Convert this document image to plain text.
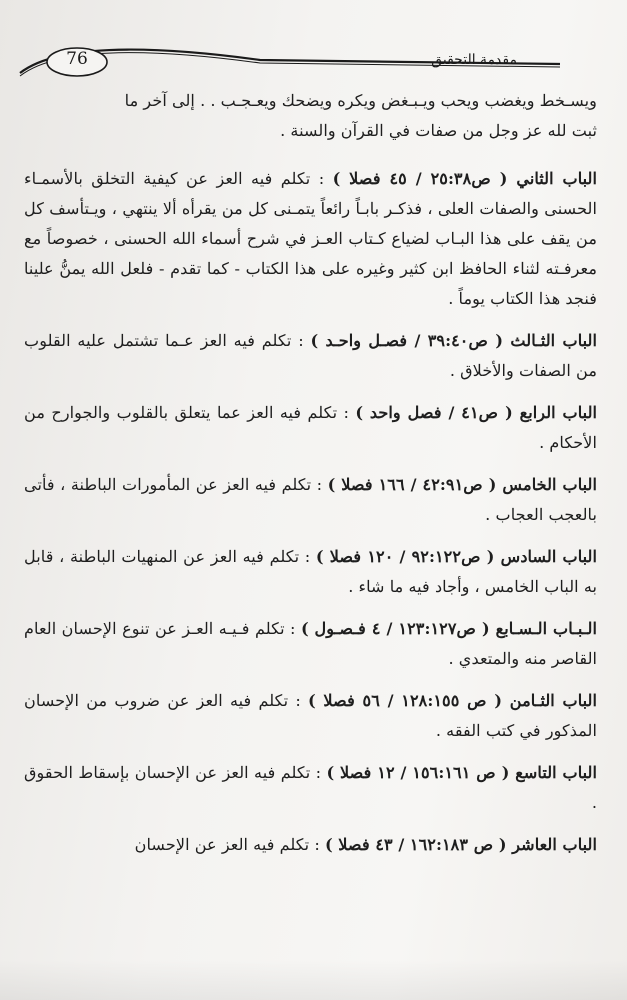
76	مقدمة التحقيق

ويسـخط ويغضب ويحب ويـبـغض ويكره ويضحك ويعـجـب . . إلى آخر ما
ثبت لله عز وجل من صفات في القرآن والسنة .

الباب الثاني ( ص٢٥:٣٨ / ٤٥ فصلا ) : تكلم فيه العز عن كيفية التخلق بالأسمـاء الحسنى والصفات العلى ، فذكـر بابـاً رائعاً يتمـنى كل من يقرأه ألا ينتهي ، ويـتأسف كل من يقف على هذا البـاب لضياع كـتاب العـز في شرح أسماء الله الحسنى ، خصوصاً مع معرفـته لثناء الحافظ ابن كثير وغيره على هذا الكتاب - كما تقدم - فلعل الله يمنُّ علينا فنجد هذا الكتاب يوماً .

الباب الثـالث ( ص٣٩:٤٠ / فصـل واحـد ) : تكلم فيه العز عـما تشتمل عليه القلوب من الصفات والأخلاق .

الباب الرابع ( ص٤١ / فصل واحد ) : تكلم فيه العز عما يتعلق بالقلوب والجوارح من الأحكام .

الباب الخامس ( ص٤٢:٩١ / ١٦٦ فصلا ) : تكلم فيه العز عن المأمورات الباطنة ، فأتى بالعجب العجاب .

الباب السادس ( ص٩٢:١٢٢ / ١٢٠ فصلا ) : تكلم فيه العز عن المنهيات الباطنة ، قابل به الباب الخامس ، وأجاد فيه ما شاء .

الـبـاب الـسـابع ( ص١٢٣:١٢٧ / ٤ فـصـول ) : تكلم فـيـه العـز عن تنوع الإحسان العام القاصر منه والمتعدي .

الباب الثـامن ( ص ١٢٨:١٥٥ / ٥٦ فصلا ) : تكلم فيه العز عن ضروب من الإحسان المذكور في كتب الفقه .

الباب التاسع ( ص ١٥٦:١٦١ / ١٢ فصلا ) : تكلم فيه العز عن الإحسان بإسقاط الحقوق .

الباب العاشر ( ص ١٦٢:١٨٣ / ٤٣ فصلا ) : تكلم فيه العز عن الإحسان
